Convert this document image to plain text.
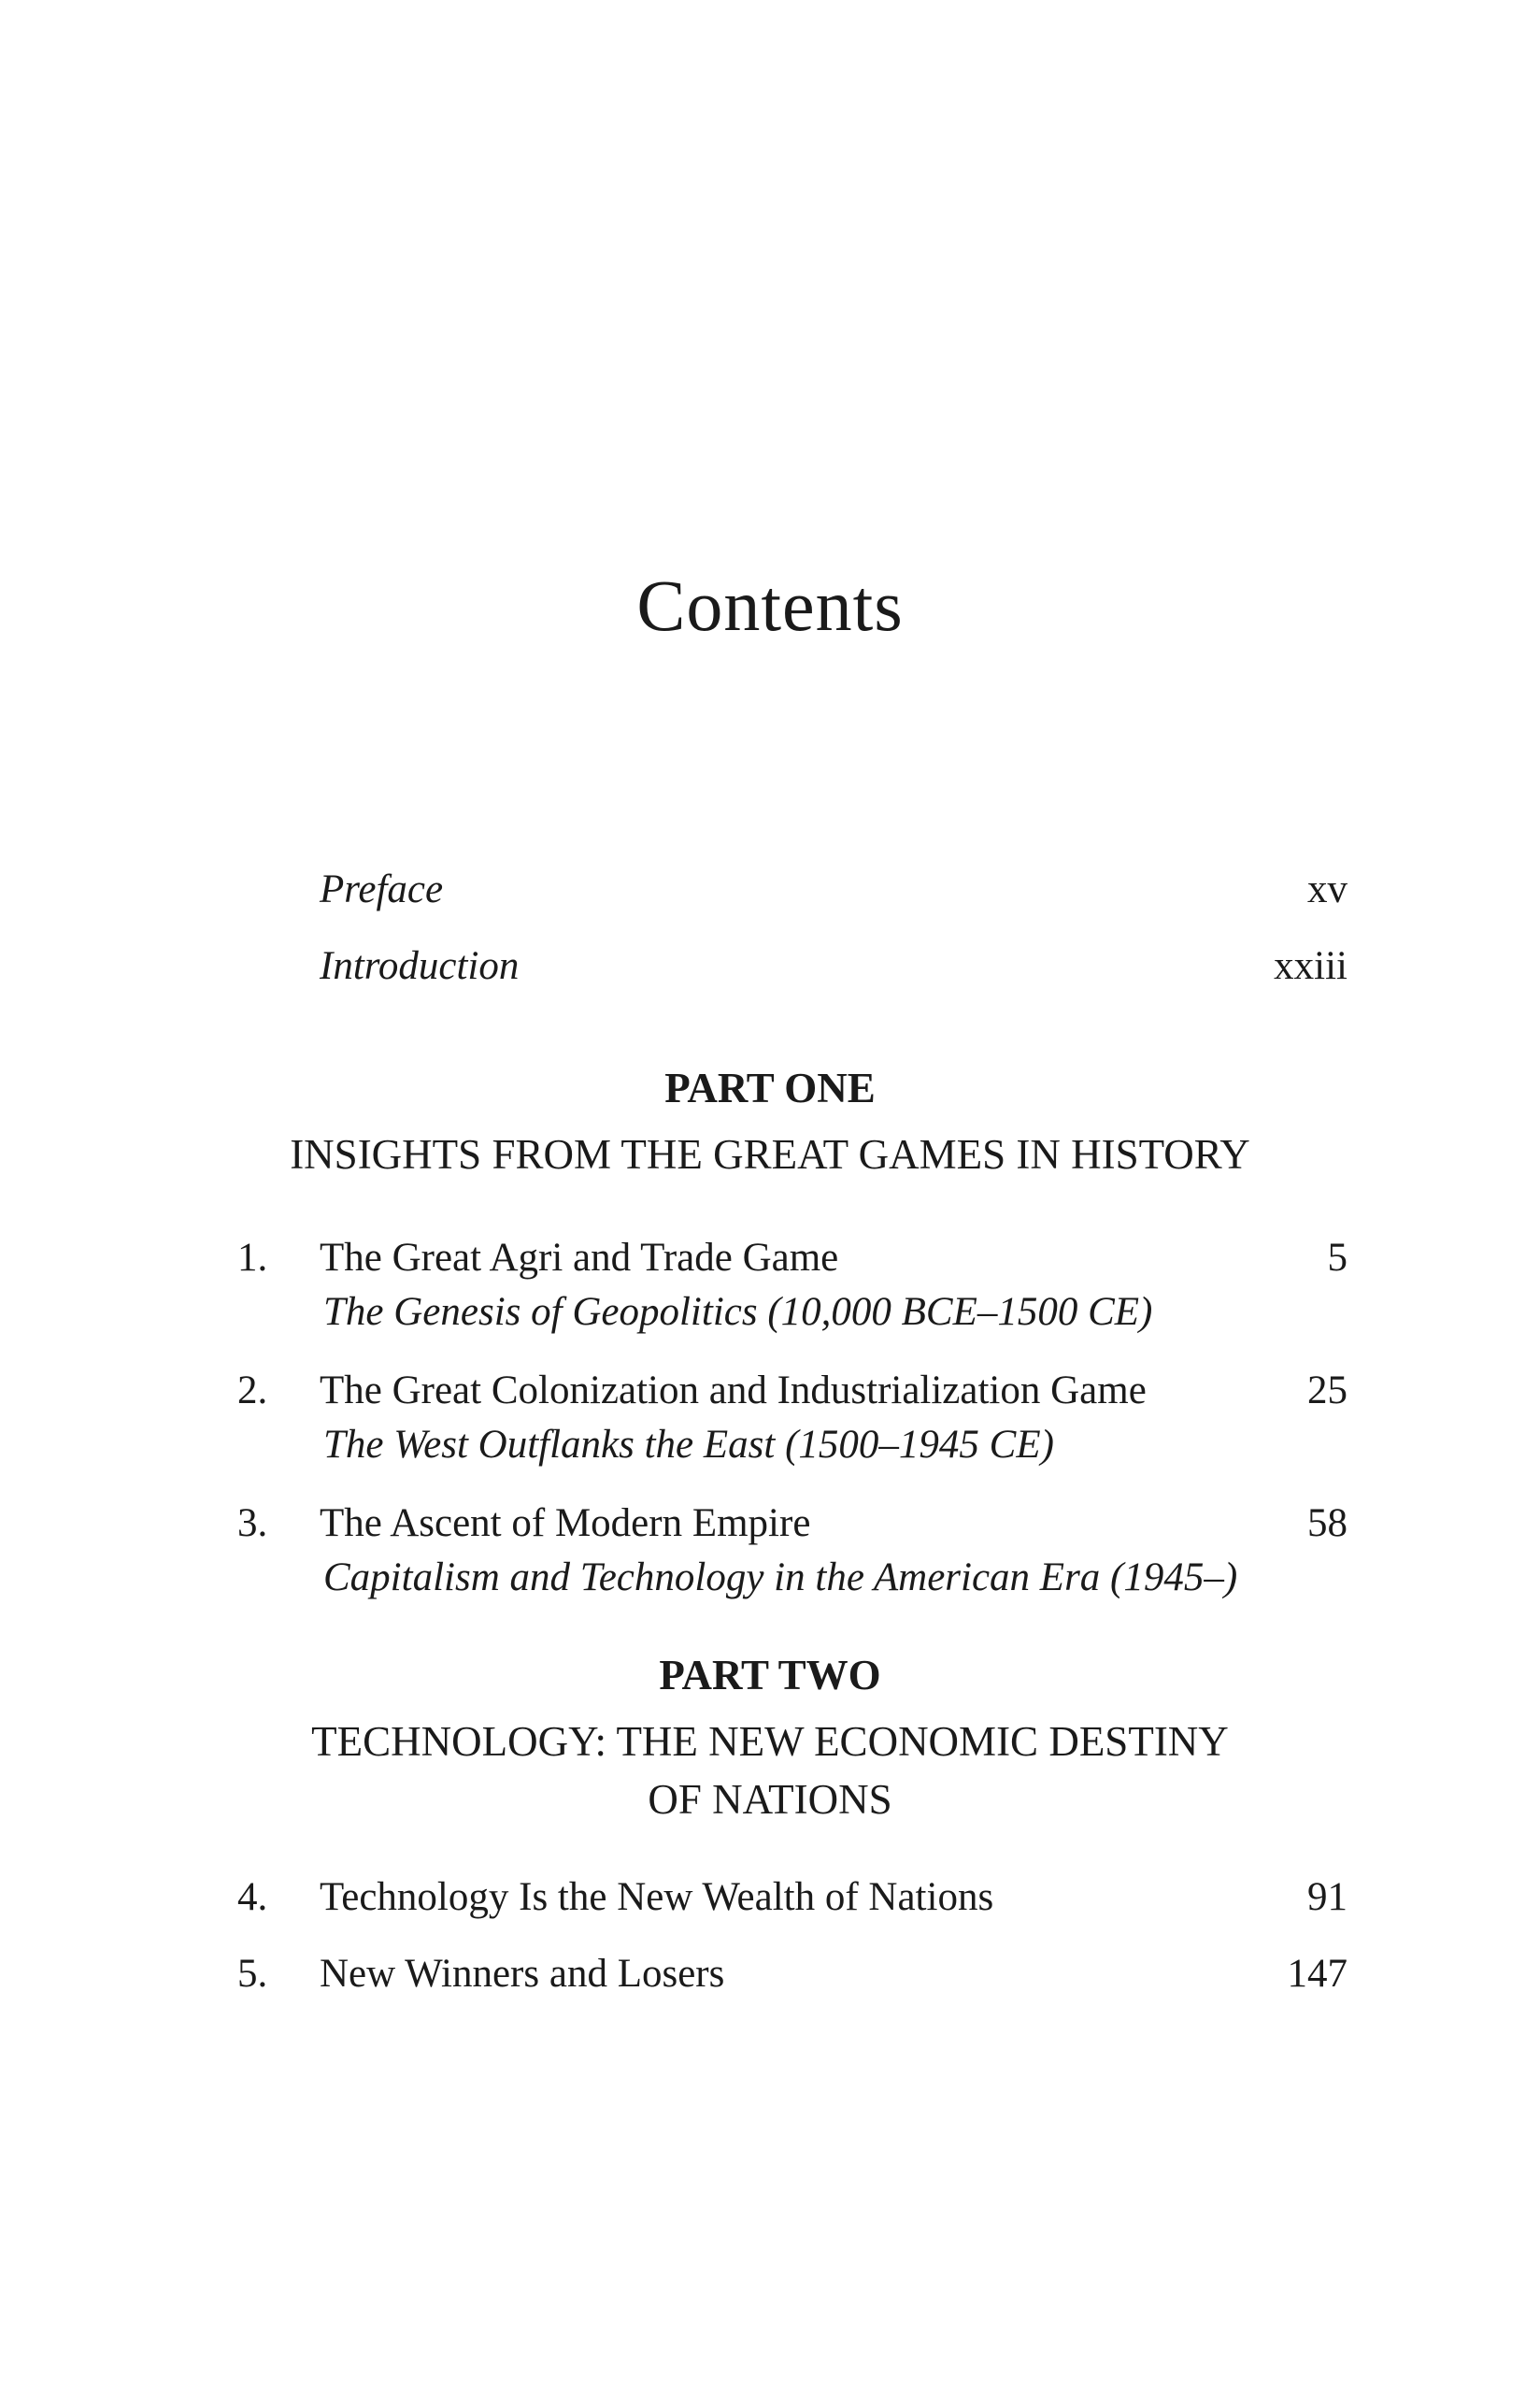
Contents
Preface	xv
Introduction	xxiii
PART ONE
INSIGHTS FROM THE GREAT GAMES IN HISTORY
1.	The Great Agri and Trade Game	5
The Genesis of Geopolitics (10,000 BCE–1500 CE)
2.	The Great Colonization and Industrialization Game	25
The West Outflanks the East (1500–1945 CE)
3.	The Ascent of Modern Empire	58
Capitalism and Technology in the American Era (1945–)
PART TWO
TECHNOLOGY: THE NEW ECONOMIC DESTINY
OF NATIONS
4.	Technology Is the New Wealth of Nations	91
5.	New Winners and Losers	147
